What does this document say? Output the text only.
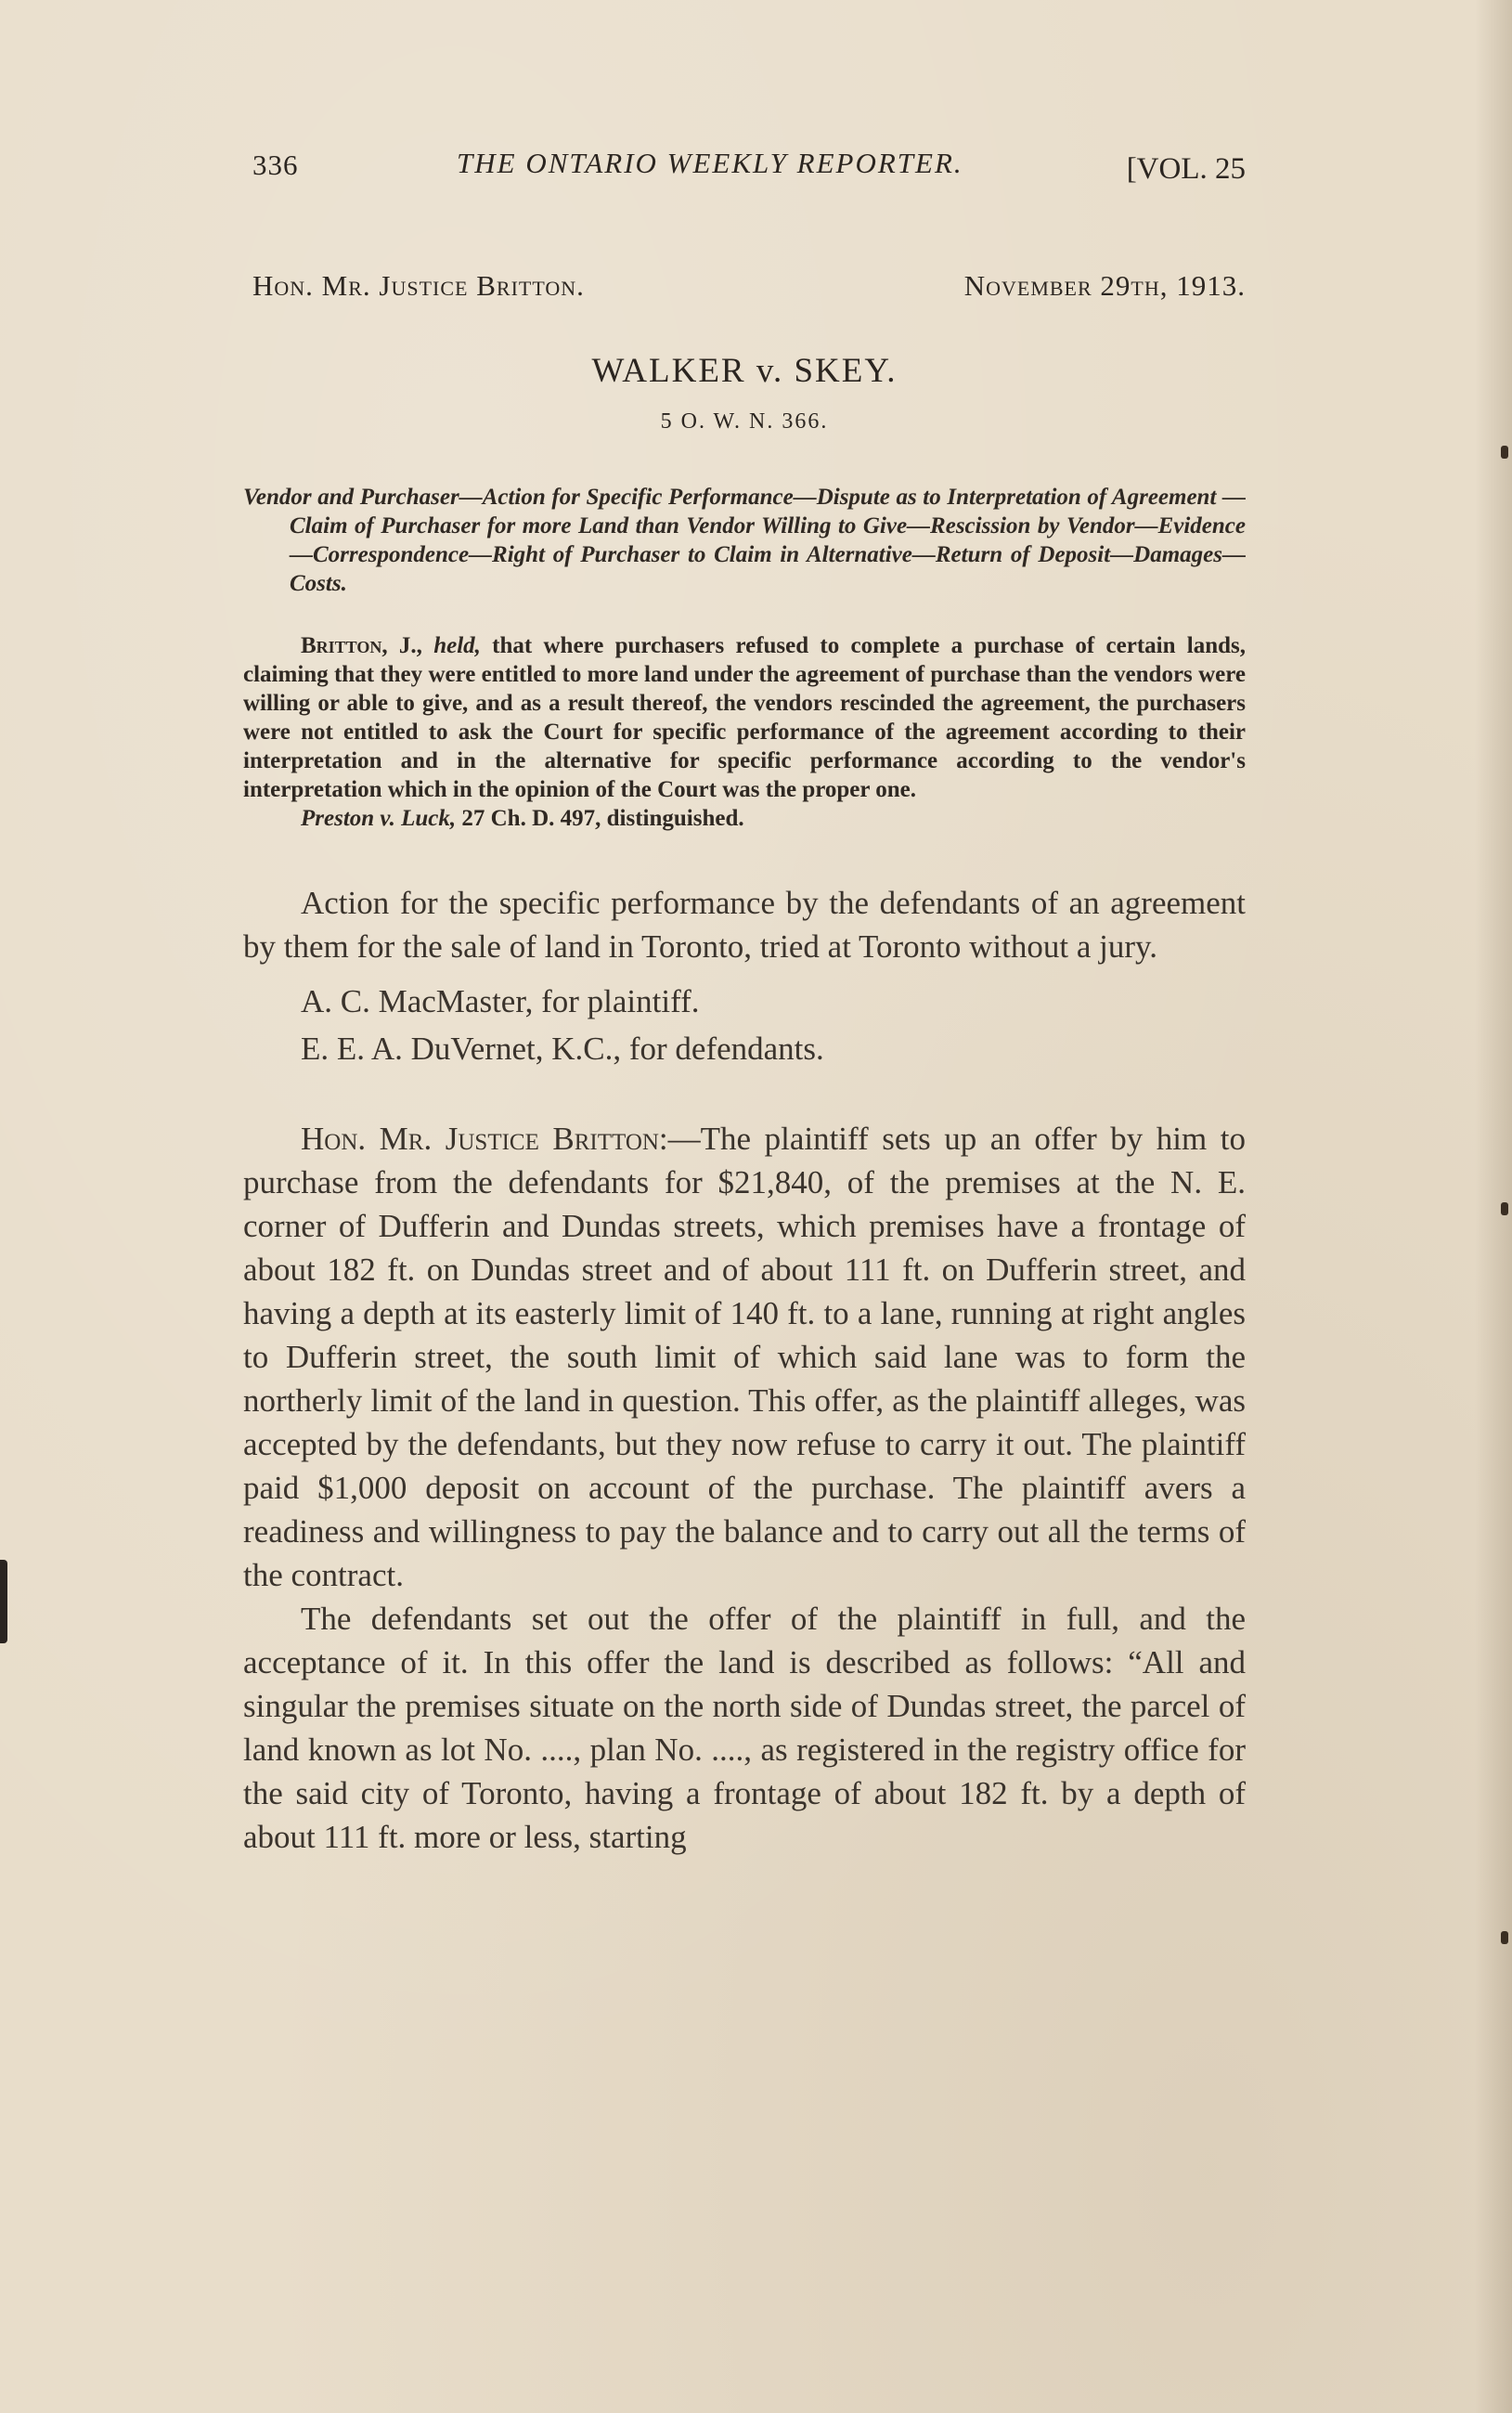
336	THE ONTARIO WEEKLY REPORTER.	[VOL. 25
Hon. Mr. Justice Britton.	November 29th, 1913.
WALKER v. SKEY.
5 O. W. N. 366.
Vendor and Purchaser—Action for Specific Performance—Dispute as to Interpretation of Agreement — Claim of Purchaser for more Land than Vendor Willing to Give—Rescission by Vendor—Evidence—Correspondence—Right of Purchaser to Claim in Alternative—Return of Deposit—Damages—Costs.
Britton, J., held, that where purchasers refused to complete a purchase of certain lands, claiming that they were entitled to more land under the agreement of purchase than the vendors were willing or able to give, and as a result thereof, the vendors rescinded the agreement, the purchasers were not entitled to ask the Court for specific performance of the agreement according to their interpretation and in the alternative for specific performance according to the vendor's interpretation which in the opinion of the Court was the proper one.
Preston v. Luck, 27 Ch. D. 497, distinguished.
Action for the specific performance by the defendants of an agreement by them for the sale of land in Toronto, tried at Toronto without a jury.
A. C. MacMaster, for plaintiff.
E. E. A. DuVernet, K.C., for defendants.
Hon. Mr. Justice Britton:—The plaintiff sets up an offer by him to purchase from the defendants for $21,840, of the premises at the N. E. corner of Dufferin and Dundas streets, which premises have a frontage of about 182 ft. on Dundas street and of about 111 ft. on Dufferin street, and having a depth at its easterly limit of 140 ft. to a lane, running at right angles to Dufferin street, the south limit of which said lane was to form the northerly limit of the land in question. This offer, as the plaintiff alleges, was accepted by the defendants, but they now refuse to carry it out. The plaintiff paid $1,000 deposit on account of the purchase. The plaintiff avers a readiness and willingness to pay the balance and to carry out all the terms of the contract.
The defendants set out the offer of the plaintiff in full, and the acceptance of it. In this offer the land is described as follows: “All and singular the premises situate on the north side of Dundas street, the parcel of land known as lot No. ...., plan No. ...., as registered in the registry office for the said city of Toronto, having a frontage of about 182 ft. by a depth of about 111 ft. more or less, starting
